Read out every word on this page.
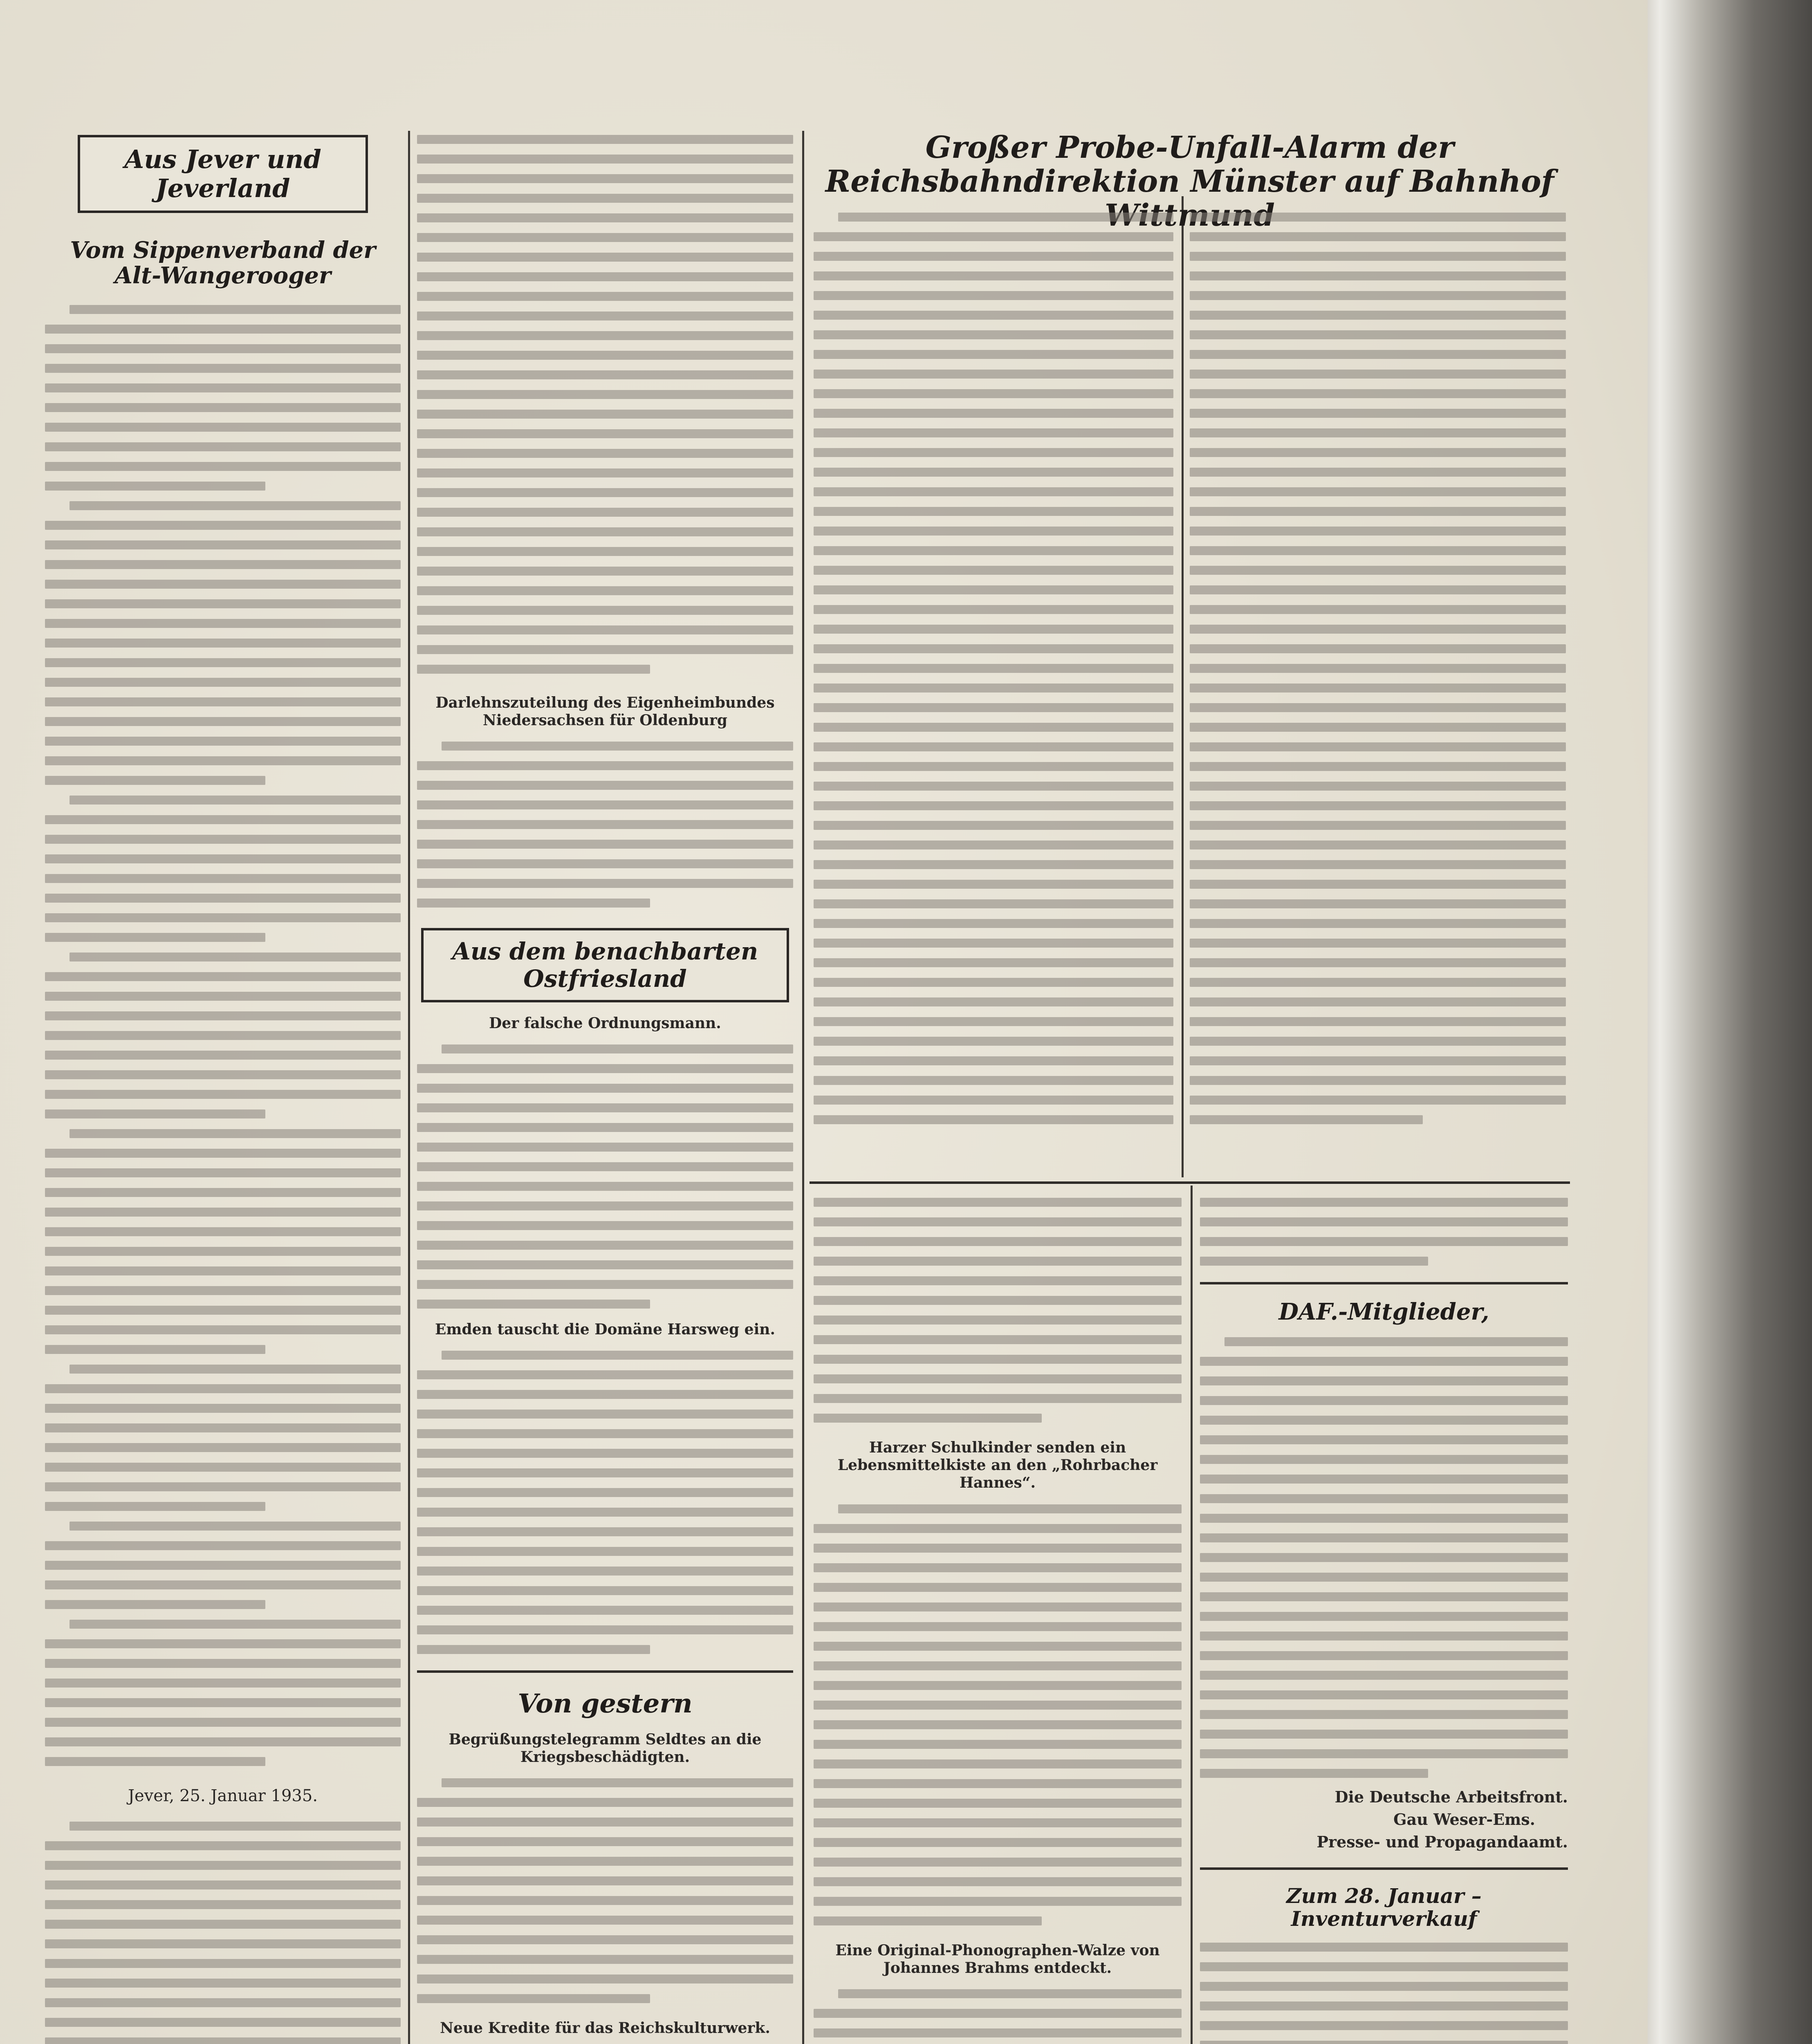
Aus Jever und Jeverland
Vom Sippenverband der Alt-Wangerooger
Jever, 25. Januar 1935.
Darlehnszuteilung des Eigenheimbundes Niedersachsen für Oldenburg
Aus dem benachbarten Ostfriesland
Der falsche Ordnungsmann.
Emden tauscht die Domäne Harsweg ein.
Von gestern
Begrüßungstelegramm Seldtes an die Kriegsbeschädigten.
Neue Kredite für das Reichskulturwerk.
Großer Probe-Unfall-Alarm der Reichsbahndirektion Münster auf Bahnhof
Harzer Schulkinder senden ein Lebensmittelkiste an den „Rohrbacher Hannes“.
Eine Original-Phonographen-Walze von Johannes Brahms entdeckt.
DAF.-Mitglieder,
Die Deutsche Arbeitsfront.
Gau Weser-Ems.
Presse- und Propagandaamt.
Zum 28. Januar – Inventurverkauf
